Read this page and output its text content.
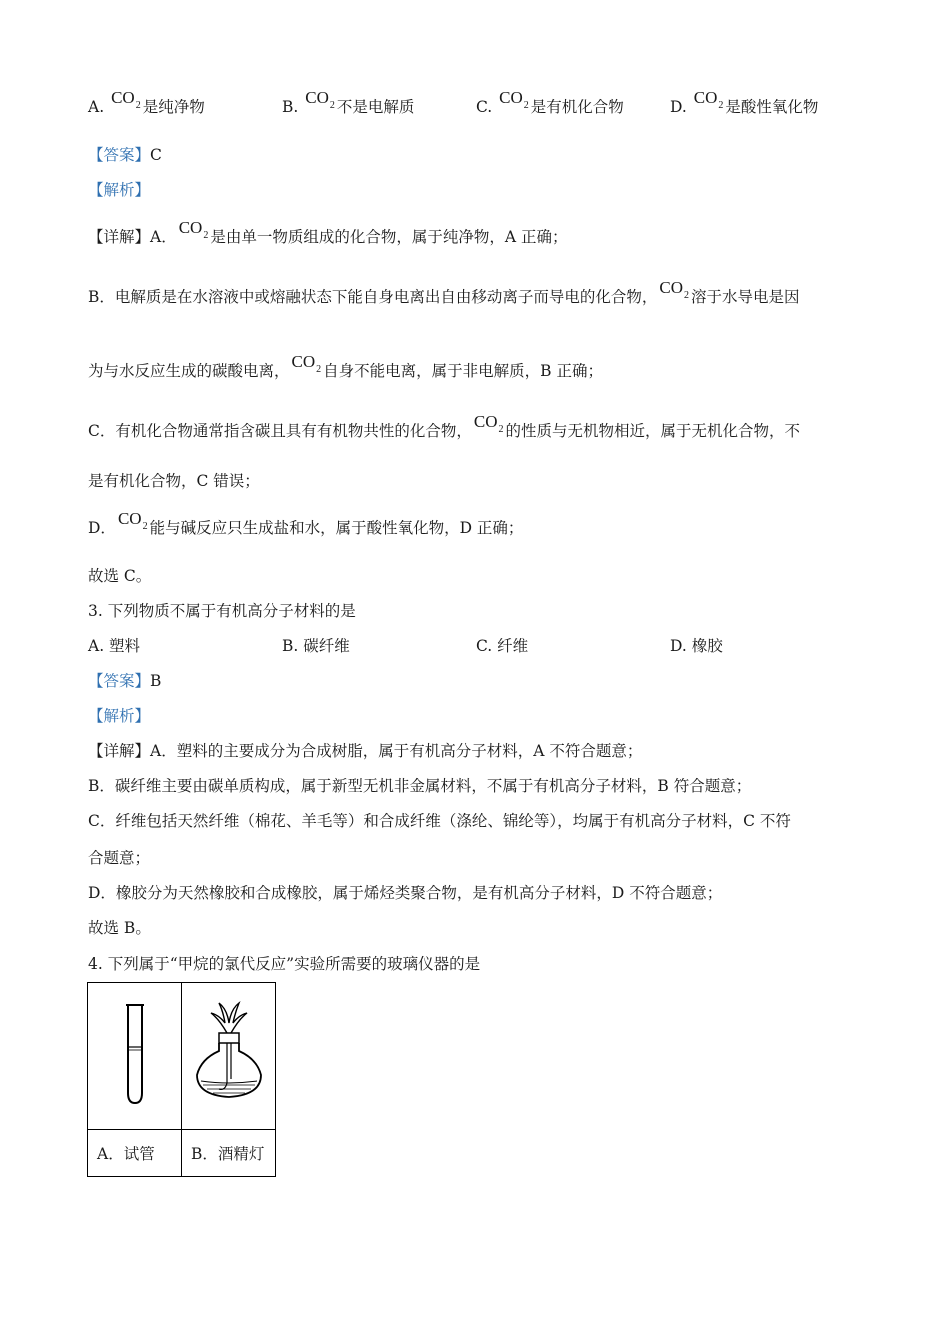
A. $CO_2$ 是纯净物	B. $CO_2$ 不是电解质	C. $CO_2$ 是有机化合物	D. $CO_2$ 是酸性氧化物
【答案】C
【解析】
【详解】A． $CO_2$ 是由单一物质组成的化合物，属于纯净物，A 正确；
B．电解质是在水溶液中或熔融状态下能自身电离出自由移动离子而导电的化合物， $CO_2$ 溶于水导电是因
为与水反应生成的碳酸电离， $CO_2$ 自身不能电离，属于非电解质，B 正确；
C．有机化合物通常指含碳且具有有机物共性的化合物， $CO_2$ 的性质与无机物相近，属于无机化合物，不
是有机化合物，C 错误；
D． $CO_2$ 能与碱反应只生成盐和水，属于酸性氧化物，D 正确；
故选 C。
3. 下列物质不属于有机高分子材料的是
A. 塑料	B. 碳纤维	C. 纤维	D. 橡胶
【答案】B
【解析】
【详解】A．塑料的主要成分为合成树脂，属于有机高分子材料，A 不符合题意；
B．碳纤维主要由碳单质构成，属于新型无机非金属材料，不属于有机高分子材料，B 符合题意；
C．纤维包括天然纤维（棉花、羊毛等）和合成纤维（涤纶、锦纶等），均属于有机高分子材料，C 不符
合题意；
D．橡胶分为天然橡胶和合成橡胶，属于烯烃类聚合物，是有机高分子材料，D 不符合题意；
故选 B。
4. 下列属于“甲烷的氯代反应”实验所需要的玻璃仪器的是

A．试管	B．酒精灯
